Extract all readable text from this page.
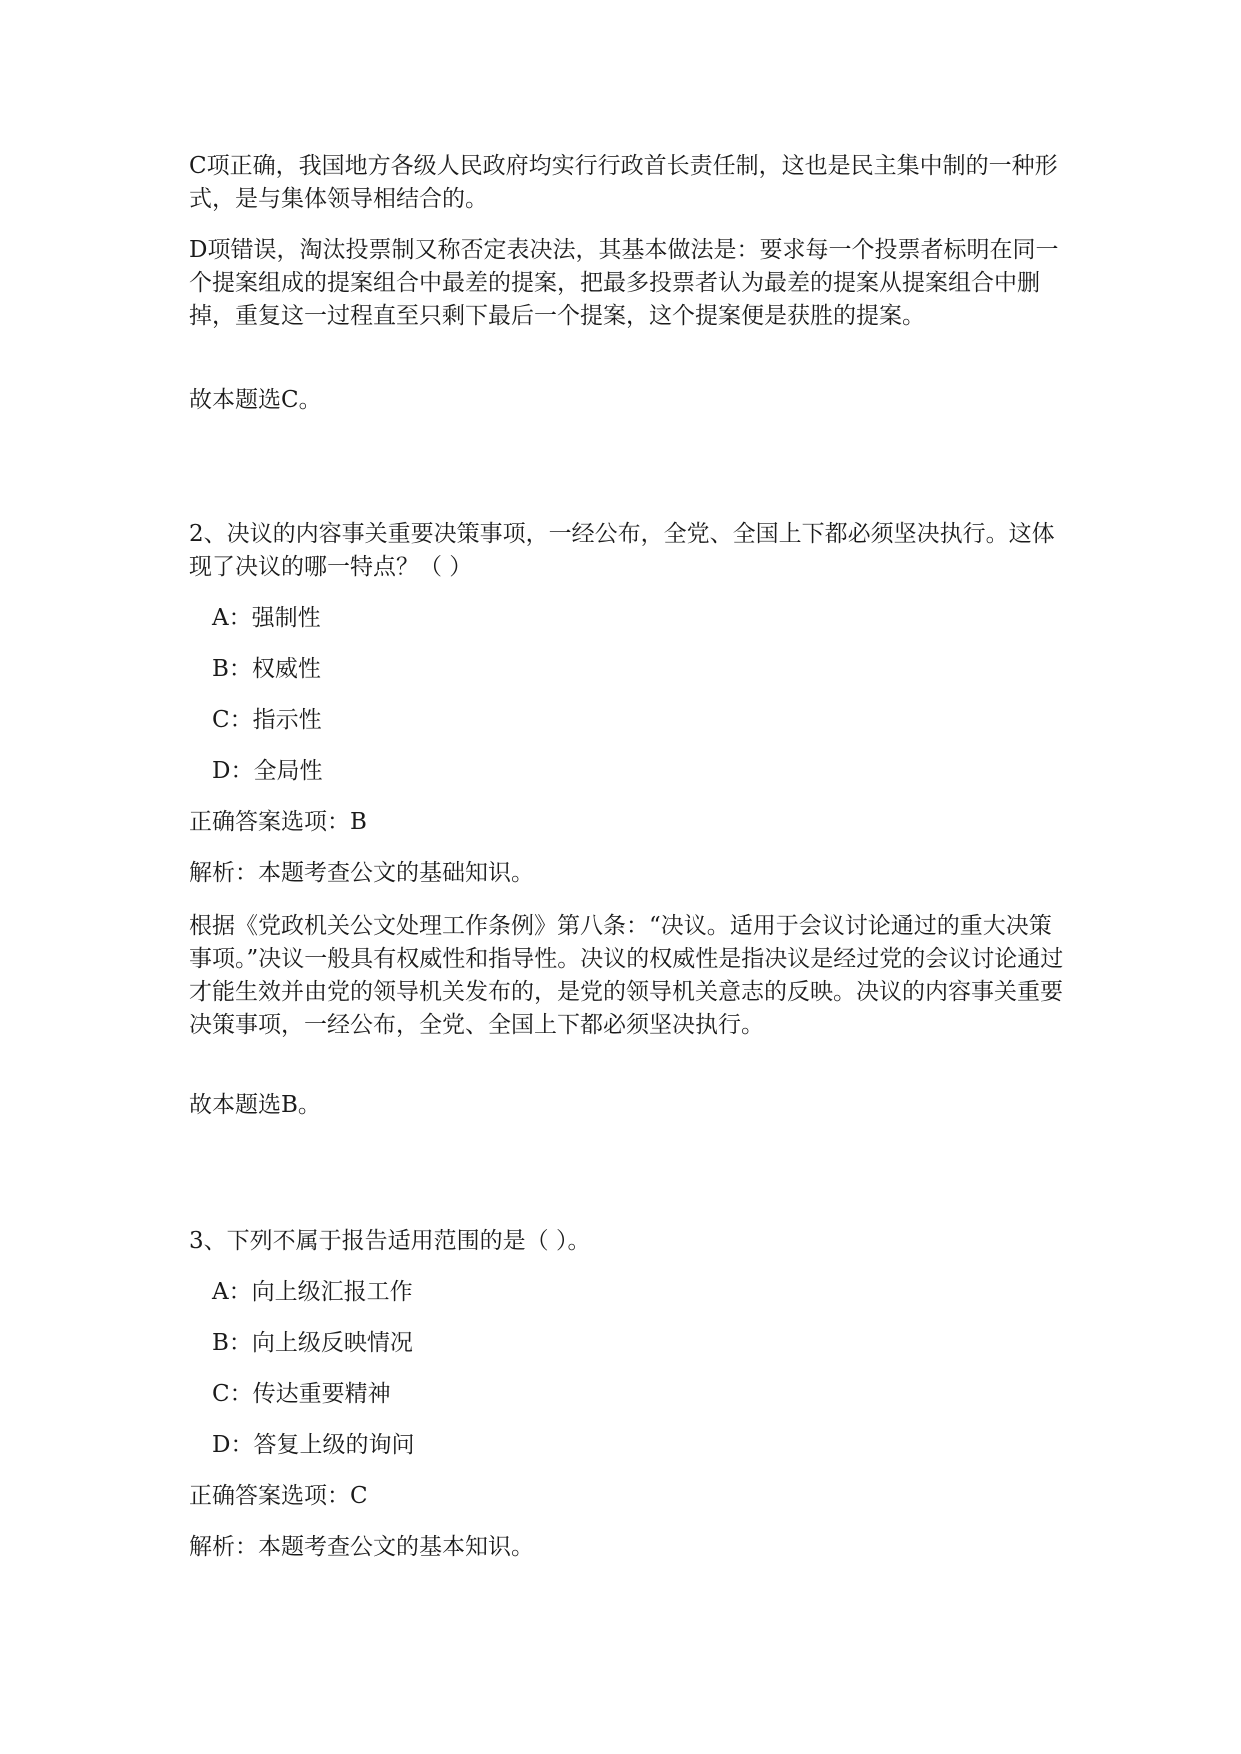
C项正确，我国地方各级人民政府均实行行政首长责任制，这也是民主集中制的一种形式，是与集体领导相结合的。

D项错误，淘汰投票制又称否定表决法，其基本做法是：要求每一个投票者标明在同一个提案组成的提案组合中最差的提案，把最多投票者认为最差的提案从提案组合中删掉，重复这一过程直至只剩下最后一个提案，这个提案便是获胜的提案。

故本题选C。

2、决议的内容事关重要决策事项，一经公布，全党、全国上下都必须坚决执行。这体现了决议的哪一特点？（ ）

A：强制性

B：权威性

C：指示性

D：全局性

正确答案选项：B

解析：本题考查公文的基础知识。

根据《党政机关公文处理工作条例》第八条：“决议。适用于会议讨论通过的重大决策事项。”决议一般具有权威性和指导性。决议的权威性是指决议是经过党的会议讨论通过才能生效并由党的领导机关发布的，是党的领导机关意志的反映。决议的内容事关重要决策事项，一经公布，全党、全国上下都必须坚决执行。

故本题选B。

3、下列不属于报告适用范围的是（ ）。

A：向上级汇报工作

B：向上级反映情况

C：传达重要精神

D：答复上级的询问

正确答案选项：C

解析：本题考查公文的基本知识。
